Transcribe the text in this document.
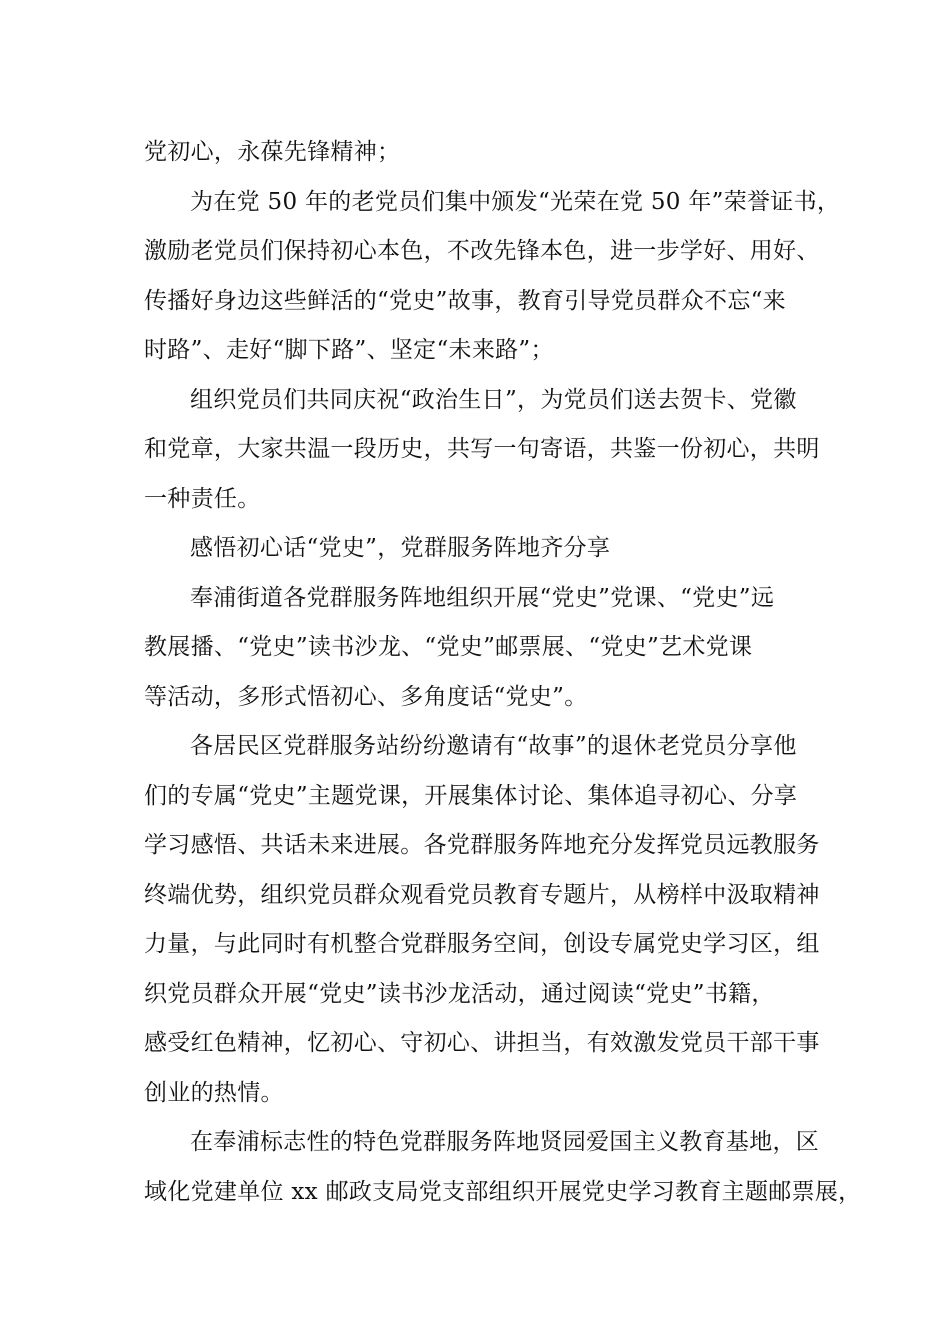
党初心，永葆先锋精神；
为在党 50 年的老党员们集中颁发“光荣在党 50 年”荣誉证书，
激励老党员们保持初心本色，不改先锋本色，进一步学好、用好、
传播好身边这些鲜活的“党史”故事，教育引导党员群众不忘“来
时路”、走好“脚下路”、坚定“未来路”；
组织党员们共同庆祝“政治生日”，为党员们送去贺卡、党徽
和党章，大家共温一段历史，共写一句寄语，共鉴一份初心，共明
一种责任。
感悟初心话“党史”，党群服务阵地齐分享
奉浦街道各党群服务阵地组织开展“党史”党课、“党史”远
教展播、“党史”读书沙龙、“党史”邮票展、“党史”艺术党课
等活动，多形式悟初心、多角度话“党史”。
各居民区党群服务站纷纷邀请有“故事”的退休老党员分享他
们的专属“党史”主题党课，开展集体讨论、集体追寻初心、分享
学习感悟、共话未来进展。各党群服务阵地充分发挥党员远教服务
终端优势，组织党员群众观看党员教育专题片，从榜样中汲取精神
力量，与此同时有机整合党群服务空间，创设专属党史学习区，组
织党员群众开展“党史”读书沙龙活动，通过阅读“党史”书籍，
感受红色精神，忆初心、守初心、讲担当，有效激发党员干部干事
创业的热情。
在奉浦标志性的特色党群服务阵地贤园爱国主义教育基地，区
域化党建单位 xx 邮政支局党支部组织开展党史学习教育主题邮票展，
